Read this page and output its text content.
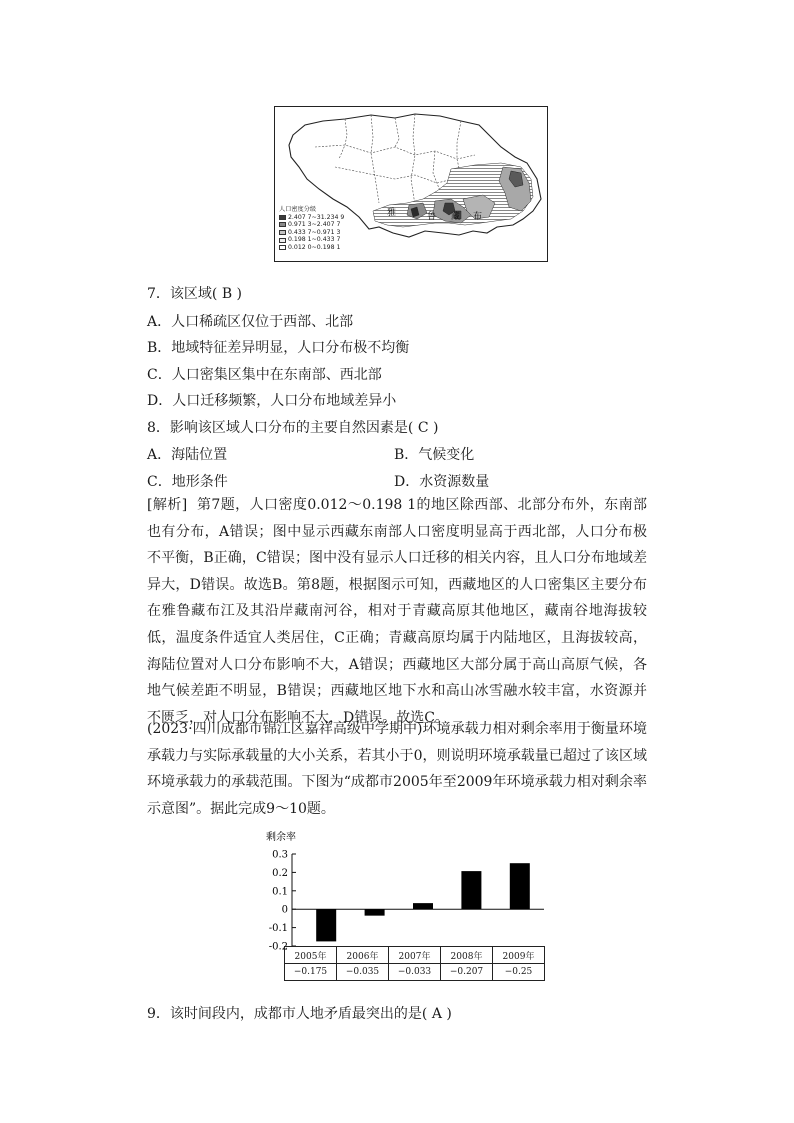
雅	鲁 藏 布
人口密度分级
2.407 7~31.234 9
0.971 3~2.407 7
0.433 7~0.971 3
0.198 1~0.433 7
0.012 0~0.198 1
7．该区域( B )
A．人口稀疏区仅位于西部、北部
B．地域特征差异明显，人口分布极不均衡
C．人口密集区集中在东南部、西北部
D．人口迁移频繁，人口分布地域差异小
8．影响该区域人口分布的主要自然因素是( C )
A．海陆位置	B．气候变化
C．地形条件	D．水资源数量
[解析] 第7题，人口密度0.012～0.198 1的地区除西部、北部分布外，东南部也有分布，A错误；图中显示西藏东南部人口密度明显高于西北部，人口分布极不平衡，B正确，C错误；图中没有显示人口迁移的相关内容，且人口分布地域差异大，D错误。故选B。第8题，根据图示可知，西藏地区的人口密集区主要分布在雅鲁藏布江及其沿岸藏南河谷，相对于青藏高原其他地区，藏南谷地海拔较低，温度条件适宜人类居住，C正确；青藏高原均属于内陆地区，且海拔较高，海陆位置对人口分布影响不大，A错误；西藏地区大部分属于高山高原气候，各地气候差距不明显，B错误；西藏地区地下水和高山冰雪融水较丰富，水资源并不匮乏，对人口分布影响不大，D错误。故选C。
(2023·四川成都市锦江区嘉祥高级中学期中)环境承载力相对剩余率用于衡量环境承载力与实际承载量的大小关系，若其小于0，则说明环境承载量已超过了该区域环境承载力的承载范围。下图为“成都市2005年至2009年环境承载力相对剩余率示意图”。据此完成9～10题。
剩余率
0.3
0.2
0.1
0
-0.1
-0.2
2005年	2006年	2007年	2008年	2009年
−0.175	−0.035	−0.033	−0.207	−0.25
9．该时间段内，成都市人地矛盾最突出的是( A )
